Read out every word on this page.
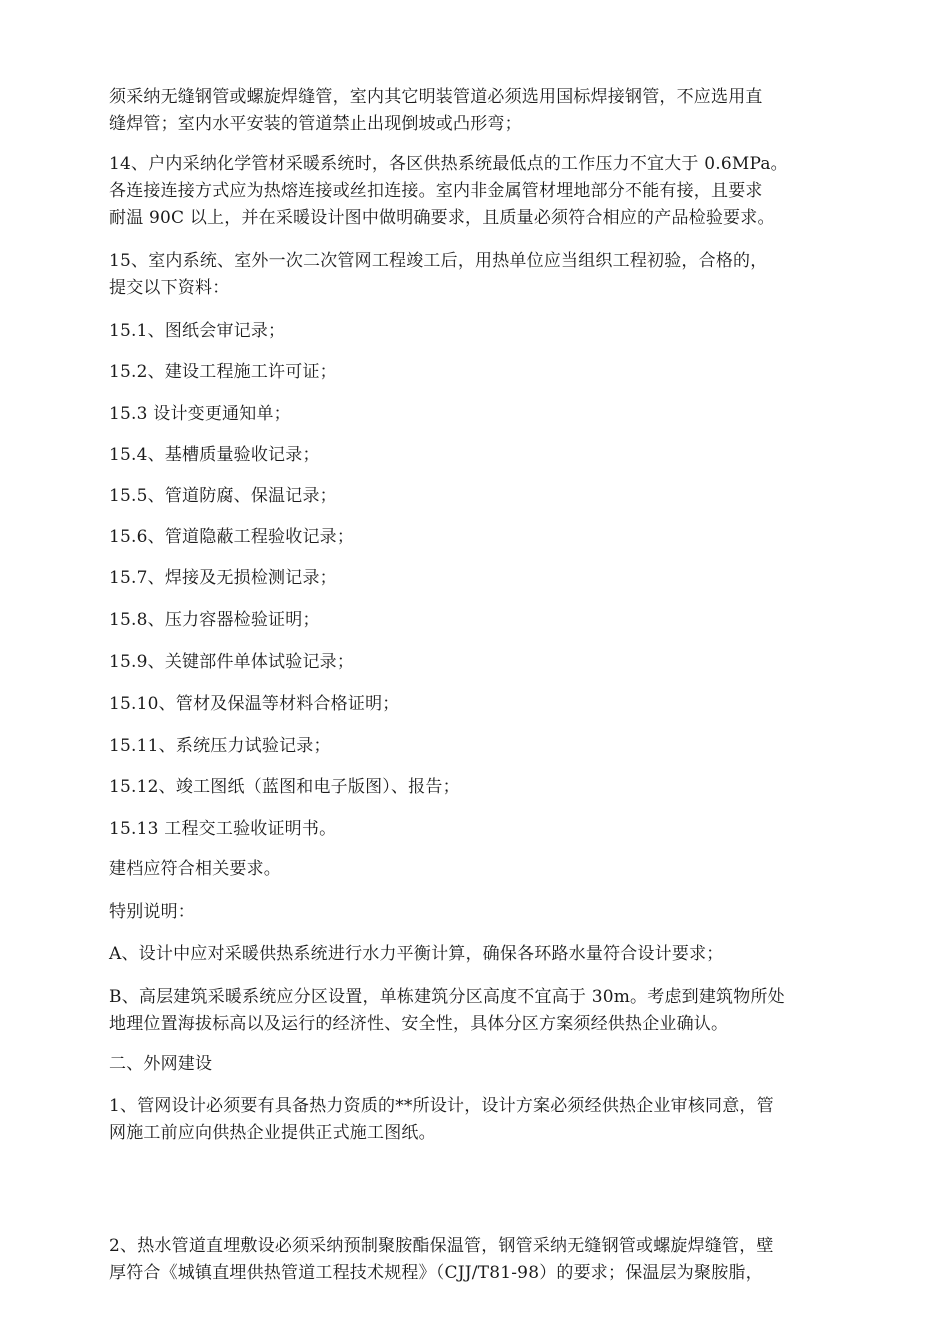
须采纳无缝钢管或螺旋焊缝管，室内其它明装管道必须选用国标焊接钢管，不应选用直

缝焊管；室内水平安装的管道禁止出现倒坡或凸形弯；

14、户内采纳化学管材采暖系统时，各区供热系统最低点的工作压力不宜大于 0.6MPa。

各连接连接方式应为热熔连接或丝扣连接。室内非金属管材埋地部分不能有接，且要求

耐温 90C 以上，并在采暖设计图中做明确要求，且质量必须符合相应的产品检验要求。

15、室内系统、室外一次二次管网工程竣工后，用热单位应当组织工程初验，合格的，

提交以下资料：

15.1、图纸会审记录；

15.2、建设工程施工许可证；

15.3 设计变更通知单；

15.4、基槽质量验收记录；

15.5、管道防腐、保温记录；

15.6、管道隐蔽工程验收记录；

15.7、焊接及无损检测记录；

15.8、压力容器检验证明；

15.9、关键部件单体试验记录；

15.10、管材及保温等材料合格证明；

15.11、系统压力试验记录；

15.12、竣工图纸（蓝图和电子版图）、报告；

15.13 工程交工验收证明书。

建档应符合相关要求。

特别说明：

A、设计中应对采暖供热系统进行水力平衡计算，确保各环路水量符合设计要求；

B、高层建筑采暖系统应分区设置，单栋建筑分区高度不宜高于 30m。考虑到建筑物所处

地理位置海拔标高以及运行的经济性、安全性，具体分区方案须经供热企业确认。

二、外网建设

1、管网设计必须要有具备热力资质的**所设计，设计方案必须经供热企业审核同意，管

网施工前应向供热企业提供正式施工图纸。

2、热水管道直埋敷设必须采纳预制聚胺酯保温管，钢管采纳无缝钢管或螺旋焊缝管，壁

厚符合《城镇直埋供热管道工程技术规程》（CJJ/T81-98）的要求；保温层为聚胺脂，
